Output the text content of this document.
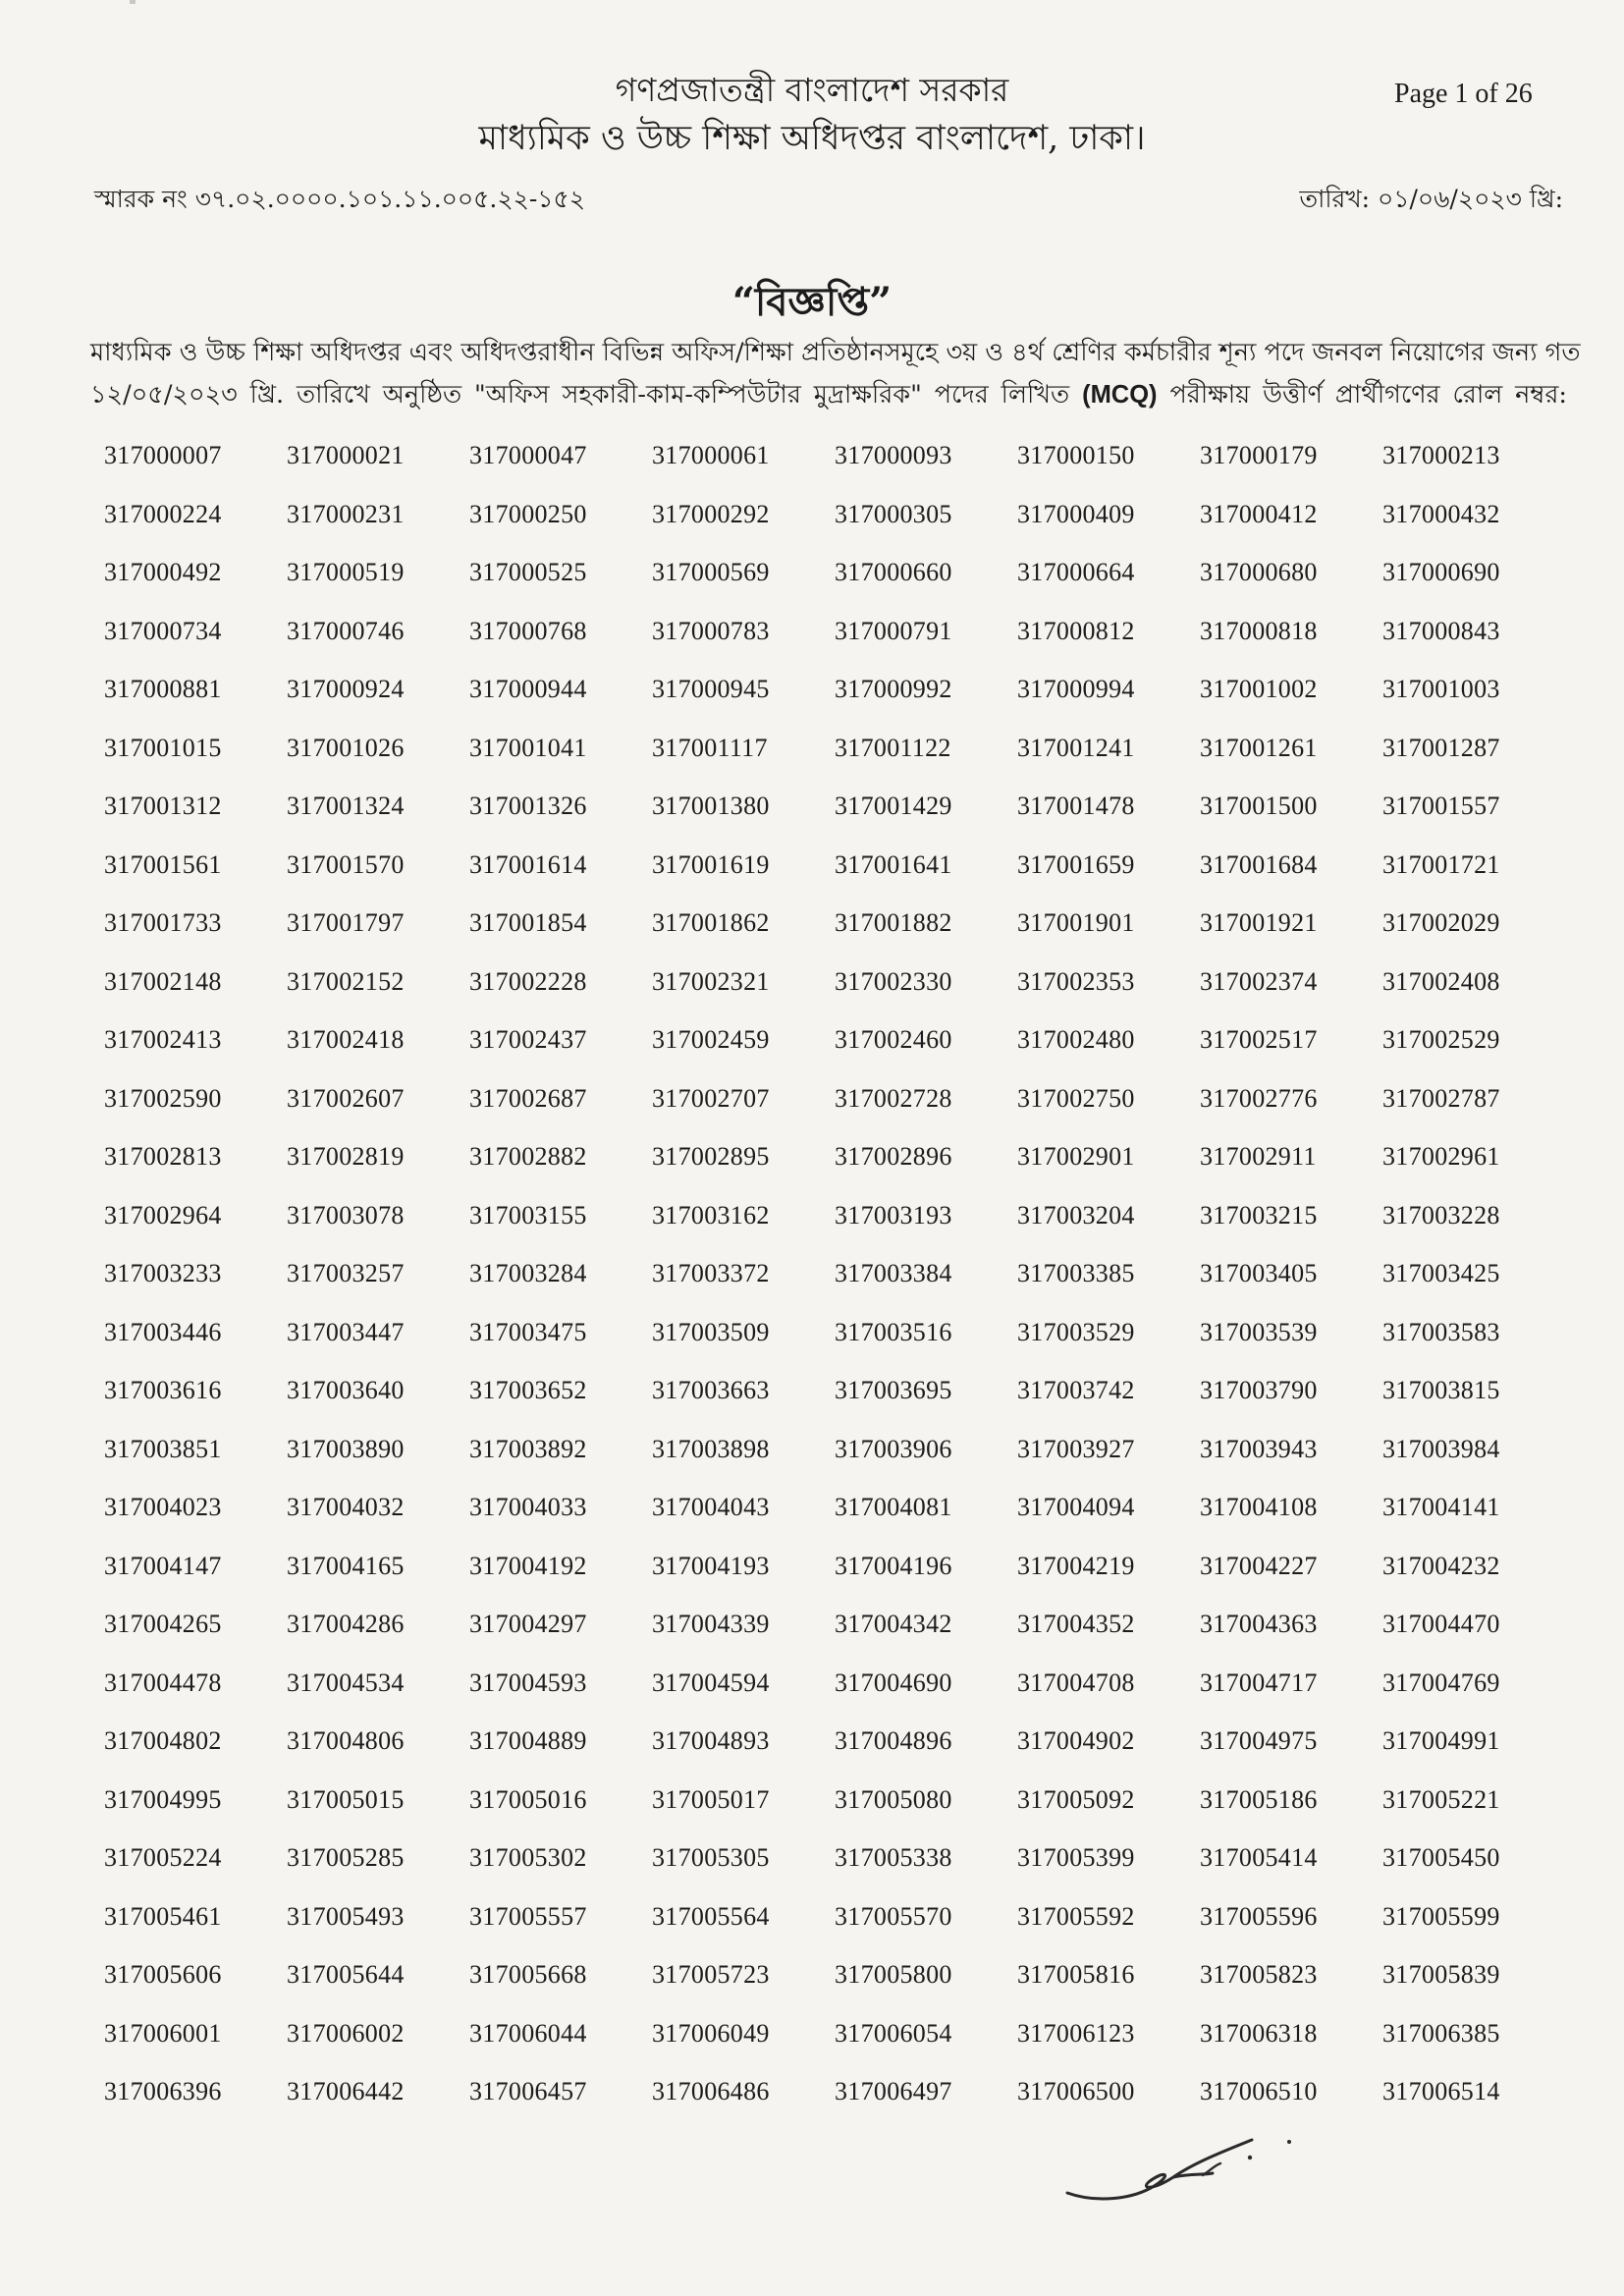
গণপ্রজাতন্ত্রী বাংলাদেশ সরকার
মাধ্যমিক ও উচ্চ শিক্ষা অধিদপ্তর বাংলাদেশ, ঢাকা।
Page 1 of 26
স্মারক নং ৩৭.০২.০০০০.১০১.১১.০০৫.২২-১৫২	তারিখ: ০১/০৬/২০২৩ খ্রি:
“বিজ্ঞপ্তি”

মাধ্যমিক ও উচ্চ শিক্ষা অধিদপ্তর এবং অধিদপ্তরাধীন বিভিন্ন অফিস/শিক্ষা প্রতিষ্ঠানসমূহে ৩য় ও ৪র্থ শ্রেণির কর্মচারীর শূন্য পদে জনবল নিয়োগের জন্য গত

১২/০৫/২০২৩ খ্রি. তারিখে অনুষ্ঠিত "অফিস সহকারী-কাম-কম্পিউটার মুদ্রাক্ষরিক" পদের লিখিত (MCQ) পরীক্ষায় উত্তীর্ণ প্রার্থীগণের রোল নম্বর:

317000007	317000021	317000047	317000061	317000093	317000150	317000179	317000213
317000224	317000231	317000250	317000292	317000305	317000409	317000412	317000432
317000492	317000519	317000525	317000569	317000660	317000664	317000680	317000690
317000734	317000746	317000768	317000783	317000791	317000812	317000818	317000843
317000881	317000924	317000944	317000945	317000992	317000994	317001002	317001003
317001015	317001026	317001041	317001117	317001122	317001241	317001261	317001287
317001312	317001324	317001326	317001380	317001429	317001478	317001500	317001557
317001561	317001570	317001614	317001619	317001641	317001659	317001684	317001721
317001733	317001797	317001854	317001862	317001882	317001901	317001921	317002029
317002148	317002152	317002228	317002321	317002330	317002353	317002374	317002408
317002413	317002418	317002437	317002459	317002460	317002480	317002517	317002529
317002590	317002607	317002687	317002707	317002728	317002750	317002776	317002787
317002813	317002819	317002882	317002895	317002896	317002901	317002911	317002961
317002964	317003078	317003155	317003162	317003193	317003204	317003215	317003228
317003233	317003257	317003284	317003372	317003384	317003385	317003405	317003425
317003446	317003447	317003475	317003509	317003516	317003529	317003539	317003583
317003616	317003640	317003652	317003663	317003695	317003742	317003790	317003815
317003851	317003890	317003892	317003898	317003906	317003927	317003943	317003984
317004023	317004032	317004033	317004043	317004081	317004094	317004108	317004141
317004147	317004165	317004192	317004193	317004196	317004219	317004227	317004232
317004265	317004286	317004297	317004339	317004342	317004352	317004363	317004470
317004478	317004534	317004593	317004594	317004690	317004708	317004717	317004769
317004802	317004806	317004889	317004893	317004896	317004902	317004975	317004991
317004995	317005015	317005016	317005017	317005080	317005092	317005186	317005221
317005224	317005285	317005302	317005305	317005338	317005399	317005414	317005450
317005461	317005493	317005557	317005564	317005570	317005592	317005596	317005599
317005606	317005644	317005668	317005723	317005800	317005816	317005823	317005839
317006001	317006002	317006044	317006049	317006054	317006123	317006318	317006385
317006396	317006442	317006457	317006486	317006497	317006500	317006510	317006514
